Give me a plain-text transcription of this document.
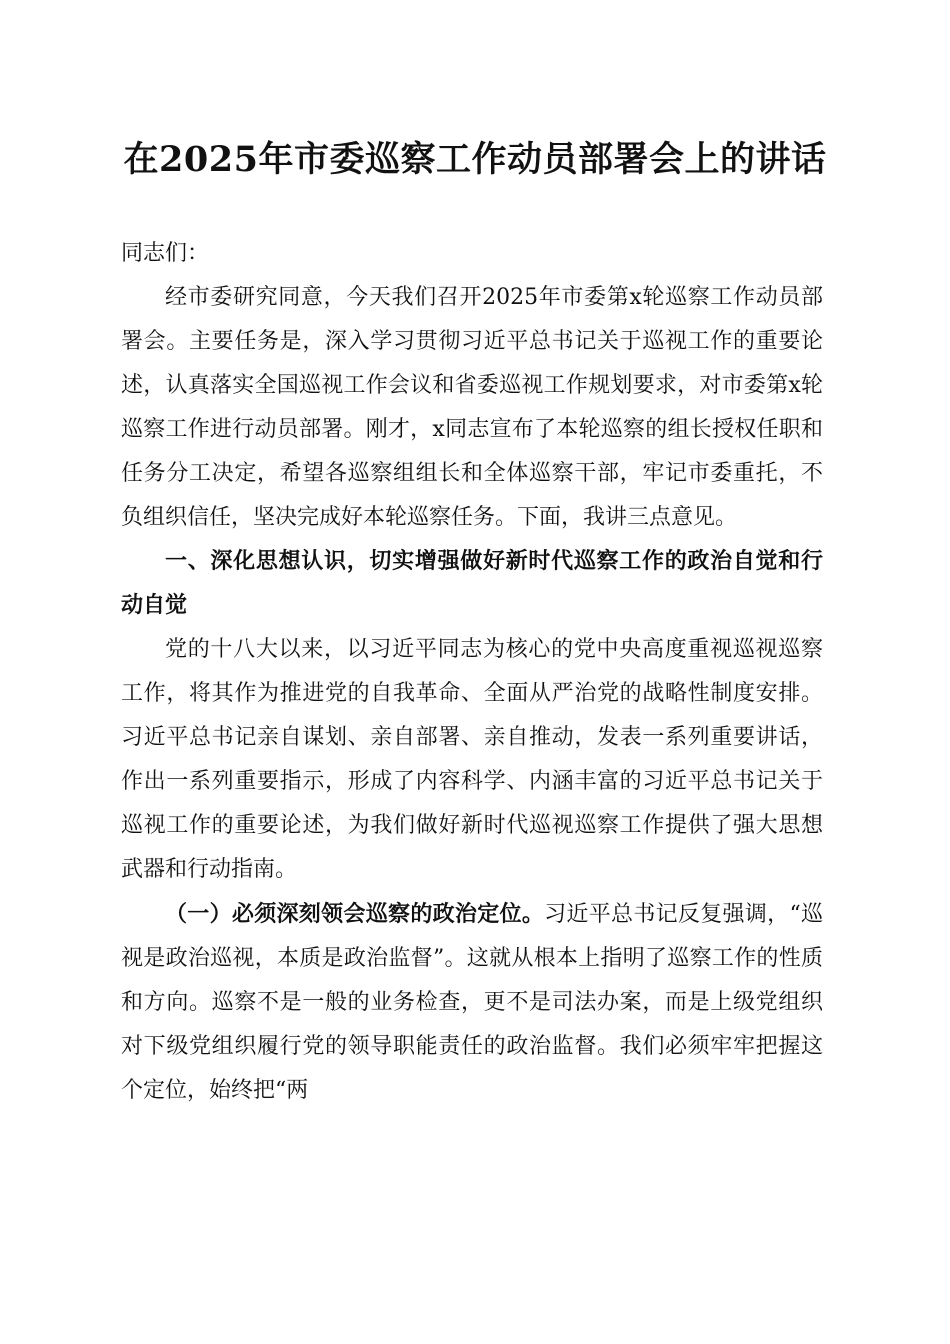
在2025年市委巡察工作动员部署会上的讲话

同志们：

经市委研究同意，今天我们召开2025年市委第x轮巡察工作动员部署会。主要任务是，深入学习贯彻习近平总书记关于巡视工作的重要论述，认真落实全国巡视工作会议和省委巡视工作规划要求，对市委第x轮巡察工作进行动员部署。刚才，x同志宣布了本轮巡察的组长授权任职和任务分工决定，希望各巡察组组长和全体巡察干部，牢记市委重托，不负组织信任，坚决完成好本轮巡察任务。下面，我讲三点意见。

一、深化思想认识，切实增强做好新时代巡察工作的政治自觉和行动自觉

党的十八大以来，以习近平同志为核心的党中央高度重视巡视巡察工作，将其作为推进党的自我革命、全面从严治党的战略性制度安排。习近平总书记亲自谋划、亲自部署、亲自推动，发表一系列重要讲话，作出一系列重要指示，形成了内容科学、内涵丰富的习近平总书记关于巡视工作的重要论述，为我们做好新时代巡视巡察工作提供了强大思想武器和行动指南。

（一）必须深刻领会巡察的政治定位。习近平总书记反复强调，“巡视是政治巡视，本质是政治监督”。这就从根本上指明了巡察工作的性质和方向。巡察不是一般的业务检查，更不是司法办案，而是上级党组织对下级党组织履行党的领导职能责任的政治监督。我们必须牢牢把握这个定位，始终把“两
